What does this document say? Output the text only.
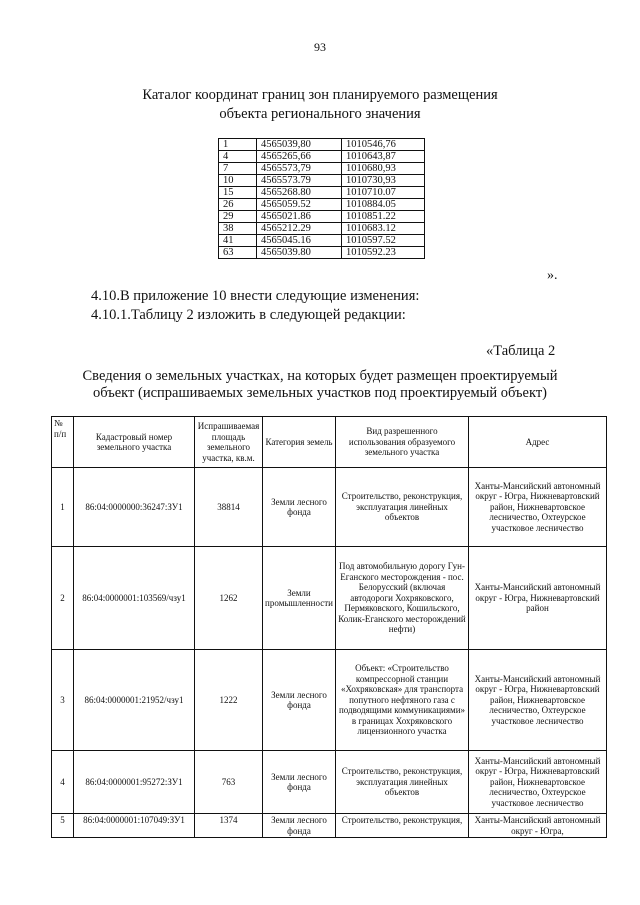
93
Каталог координат границ зон планируемого размещения
объекта регионального значения
1	4565039,80	1010546,76
4	4565265,66	1010643,87
7	4565573,79	1010680,93
10	4565573.79	1010730,93
15	4565268.80	1010710.07
26	4565059.52	1010884.05
29	4565021.86	1010851.22
38	4565212.29	1010683.12
41	4565045.16	1010597.52
63	4565039.80	1010592.23
».
4.10.В приложение 10 внести следующие изменения:
4.10.1.Таблицу 2 изложить в следующей редакции:
«Таблица 2
Сведения о земельных участках, на которых будет размещен проектируемый
объект (испрашиваемых земельных участков под проектируемый объект)
№ п/п	Кадастровый номер земельного участка	Испрашиваемая площадь земельного участка, кв.м.	Категория земель	Вид разрешенного использования образуемого земельного участка	Адрес
1	86:04:0000000:36247:ЗУ1	38814	Земли лесного фонда	Строительство, реконструкция, эксплуатация линейных объектов	Ханты-Мансийский автономный округ - Югра, Нижневартовский район, Нижневартовское лесничество, Охтеурское участковое лесничество
2	86:04:0000001:103569/чзу1	1262	Земли промышленности	Под автомобильную дорогу Гун-Еганского месторождения - пос. Белорусский (включая автодороги Хохряковского, Пермяковского, Кошильского, Колик-Еганского месторождений нефти)	Ханты-Мансийский автономный округ - Югра, Нижневартовский район
3	86:04:0000001:21952/чзу1	1222	Земли лесного фонда	Объект: «Строительство компрессорной станции «Хохряковская» для транспорта попутного нефтяного газа с подводящими коммуникациями» в границах Хохряковского лицензионного участка	Ханты-Мансийский автономный округ - Югра, Нижневартовский район, Нижневартовское лесничество, Охтеурское участковое лесничество
4	86:04:0000001:95272:ЗУ1	763	Земли лесного фонда	Строительство, реконструкция, эксплуатация линейных объектов	Ханты-Мансийский автономный округ - Югра, Нижневартовский район, Нижневартовское лесничество, Охтеурское участковое лесничество
5	86:04:0000001:107049:ЗУ1	1374	Земли лесного фонда	Строительство, реконструкция,	Ханты-Мансийский автономный округ - Югра,
